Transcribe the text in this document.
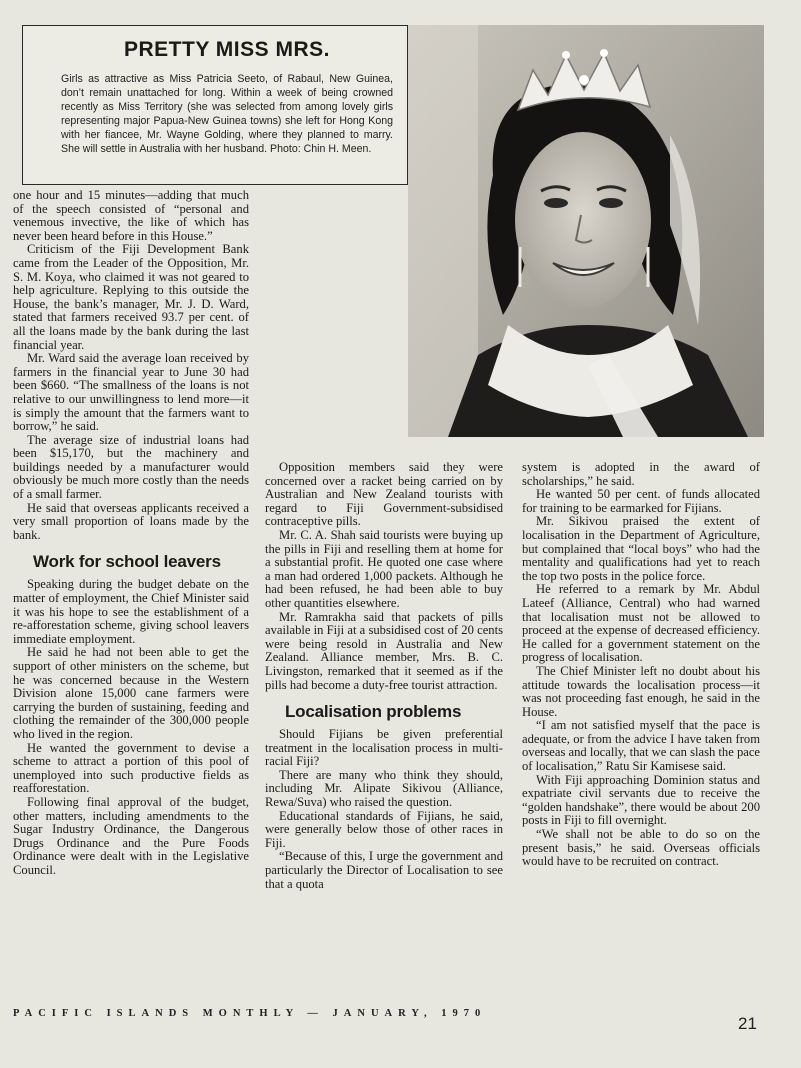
PRETTY MISS MRS.
Girls as attractive as Miss Patricia Seeto, of Rabaul, New Guinea, don’t remain unattached for long. Within a week of being crowned recently as Miss Territory (she was selected from among lovely girls representing major Papua-New Guinea towns) she left for Hong Kong with her fiancee, Mr. Wayne Golding, where they planned to marry. She will settle in Australia with her husband. Photo: Chin H. Meen.

one hour and 15 minutes—adding that much of the speech consisted of “personal and venemous invective, the like of which has never been heard before in this House.”

Criticism of the Fiji Development Bank came from the Leader of the Opposition, Mr. S. M. Koya, who claimed it was not geared to help agriculture. Replying to this outside the House, the bank’s manager, Mr. J. D. Ward, stated that farmers received 93.7 per cent. of all the loans made by the bank during the last financial year.

Mr. Ward said the average loan received by farmers in the financial year to June 30 had been $660. “The smallness of the loans is not relative to our unwillingness to lend more—it is simply the amount that the farmers want to borrow,” he said.

The average size of industrial loans had been $15,170, but the machinery and buildings needed by a manufacturer would obviously be much more costly than the needs of a small farmer.

He said that overseas applicants received a very small proportion of loans made by the bank.

Work for school leavers

Speaking during the budget debate on the matter of employment, the Chief Minister said it was his hope to see the establishment of a re-afforestation scheme, giving school leavers immediate employment.

He said he had not been able to get the support of other ministers on the scheme, but he was concerned because in the Western Division alone 15,000 cane farmers were carrying the burden of sustaining, feeding and clothing the remainder of the 300,000 people who lived in the region.

He wanted the government to devise a scheme to attract a portion of this pool of unemployed into such productive fields as reafforestation.

Following final approval of the budget, other matters, including amendments to the Sugar Industry Ordinance, the Dangerous Drugs Ordinance and the Pure Foods Ordinance were dealt with in the Legislative Council.

Opposition members said they were concerned over a racket being carried on by Australian and New Zealand tourists with regard to Fiji Government-subsidised contraceptive pills.

Mr. C. A. Shah said tourists were buying up the pills in Fiji and reselling them at home for a substantial profit. He quoted one case where a man had ordered 1,000 packets. Although he had been refused, he had been able to buy other quantities elsewhere.

Mr. Ramrakha said that packets of pills available in Fiji at a subsidised cost of 20 cents were being resold in Australia and New Zealand. Alliance member, Mrs. B. C. Livingston, remarked that it seemed as if the pills had become a duty-free tourist attraction.

Localisation problems

Should Fijians be given preferential treatment in the localisation process in multi-racial Fiji?

There are many who think they should, including Mr. Alipate Sikivou (Alliance, Rewa/Suva) who raised the question.

Educational standards of Fijians, he said, were generally below those of other races in Fiji.

“Because of this, I urge the government and particularly the Director of Localisation to see that a quota

system is adopted in the award of scholarships,” he said.

He wanted 50 per cent. of funds allocated for training to be earmarked for Fijians.

Mr. Sikivou praised the extent of localisation in the Department of Agriculture, but complained that “local boys” who had the mentality and qualifications had yet to reach the top two posts in the police force.

He referred to a remark by Mr. Abdul Lateef (Alliance, Central) who had warned that localisation must not be allowed to proceed at the expense of decreased efficiency. He called for a government statement on the progress of localisation.

The Chief Minister left no doubt about his attitude towards the localisation process—it was not proceeding fast enough, he said in the House.

“I am not satisfied myself that the pace is adequate, or from the advice I have taken from overseas and locally, that we can slash the pace of localisation,” Ratu Sir Kamisese said.

With Fiji approaching Dominion status and expatriate civil servants due to receive the “golden handshake”, there would be about 200 posts in Fiji to fill overnight.

“We shall not be able to do so on the present basis,” he said. Overseas officials would have to be recruited on contract.

PACIFIC ISLANDS MONTHLY — JANUARY, 1970
21
